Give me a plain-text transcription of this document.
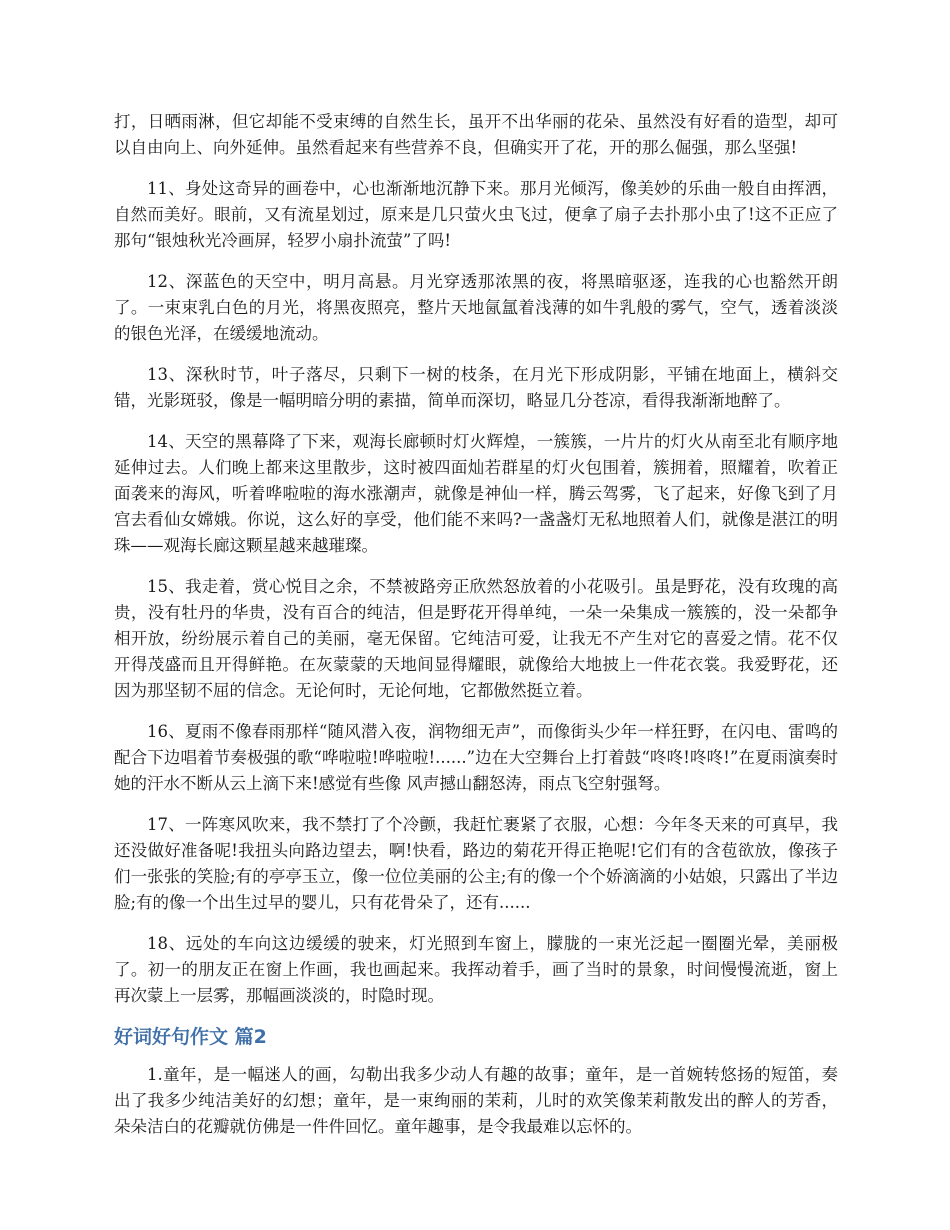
打，日晒雨淋，但它却能不受束缚的自然生长，虽开不出华丽的花朵、虽然没有好看的造型，却可以自由向上、向外延伸。虽然看起来有些营养不良，但确实开了花，开的那么倔强，那么坚强!

11、身处这奇异的画卷中，心也渐渐地沉静下来。那月光倾泻，像美妙的乐曲一般自由挥洒，自然而美好。眼前，又有流星划过，原来是几只萤火虫飞过，便拿了扇子去扑那小虫了!这不正应了那句“银烛秋光冷画屏，轻罗小扇扑流萤”了吗!

12、深蓝色的天空中，明月高悬。月光穿透那浓黑的夜，将黑暗驱逐，连我的心也豁然开朗了。一束束乳白色的月光，将黑夜照亮，整片天地氤氲着浅薄的如牛乳般的雾气，空气，透着淡淡的银色光泽，在缓缓地流动。

13、深秋时节，叶子落尽，只剩下一树的枝条，在月光下形成阴影，平铺在地面上，横斜交错，光影斑驳，像是一幅明暗分明的素描，简单而深切，略显几分苍凉，看得我渐渐地醉了。

14、天空的黑幕降了下来，观海长廊顿时灯火辉煌，一簇簇，一片片的灯火从南至北有顺序地延伸过去。人们晚上都来这里散步，这时被四面灿若群星的灯火包围着，簇拥着，照耀着，吹着正面袭来的海风，听着哗啦啦的海水涨潮声，就像是神仙一样，腾云驾雾，飞了起来，好像飞到了月宫去看仙女嫦娥。你说，这么好的享受，他们能不来吗?一盏盏灯无私地照着人们，就像是湛江的明珠——观海长廊这颗星越来越璀璨。

15、我走着，赏心悦目之余，不禁被路旁正欣然怒放着的小花吸引。虽是野花，没有玫瑰的高贵，没有牡丹的华贵，没有百合的纯洁，但是野花开得单纯，一朵一朵集成一簇簇的，没一朵都争相开放，纷纷展示着自己的美丽，毫无保留。它纯洁可爱，让我无不产生对它的喜爱之情。花不仅开得茂盛而且开得鲜艳。在灰蒙蒙的天地间显得耀眼，就像给大地披上一件花衣裳。我爱野花，还因为那坚韧不屈的信念。无论何时，无论何地，它都傲然挺立着。

16、夏雨不像春雨那样“随风潜入夜，润物细无声”，而像街头少年一样狂野，在闪电、雷鸣的配合下边唱着节奏极强的歌“哗啦啦!哗啦啦!......”边在大空舞台上打着鼓“咚咚!咚咚!”在夏雨演奏时她的汗水不断从云上滴下来!感觉有些像 风声撼山翻怒涛，雨点飞空射强弩。

17、一阵寒风吹来，我不禁打了个冷颤，我赶忙裹紧了衣服，心想：今年冬天来的可真早，我还没做好准备呢!我扭头向路边望去，啊!快看，路边的菊花开得正艳呢!它们有的含苞欲放，像孩子们一张张的笑脸;有的亭亭玉立，像一位位美丽的公主;有的像一个个娇滴滴的小姑娘，只露出了半边脸;有的像一个出生过早的婴儿，只有花骨朵了，还有......

18、远处的车向这边缓缓的驶来，灯光照到车窗上，朦胧的一束光泛起一圈圈光晕，美丽极了。初一的朋友正在窗上作画，我也画起来。我挥动着手，画了当时的景象，时间慢慢流逝，窗上再次蒙上一层雾，那幅画淡淡的，时隐时现。

好词好句作文 篇2

1.童年，是一幅迷人的画，勾勒出我多少动人有趣的故事；童年，是一首婉转悠扬的短笛，奏出了我多少纯洁美好的幻想；童年，是一束绚丽的茉莉，儿时的欢笑像茉莉散发出的醉人的芳香，朵朵洁白的花瓣就仿佛是一件件回忆。童年趣事，是令我最难以忘怀的。
